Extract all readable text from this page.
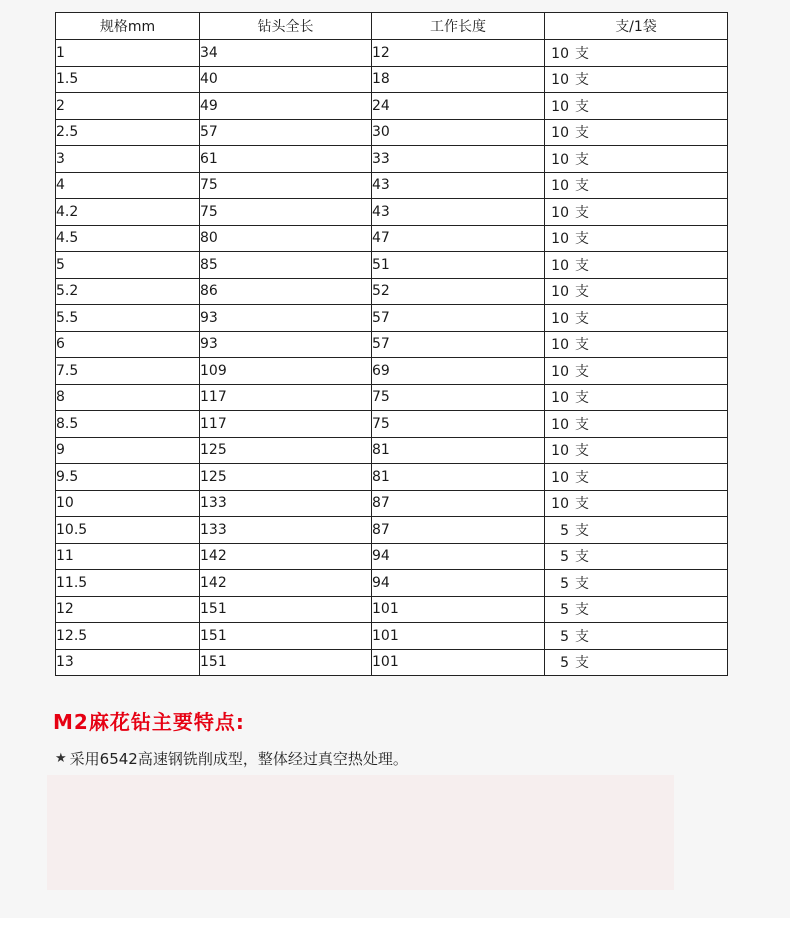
规格mm	钻头全长	工作长度	支/1袋
1	34	12	10 支
1.5	40	18	10 支
2	49	24	10 支
2.5	57	30	10 支
3	61	33	10 支
4	75	43	10 支
4.2	75	43	10 支
4.5	80	47	10 支
5	85	51	10 支
5.2	86	52	10 支
5.5	93	57	10 支
6	93	57	10 支
7.5	109	69	10 支
8	117	75	10 支
8.5	117	75	10 支
9	125	81	10 支
9.5	125	81	10 支
10	133	87	10 支
10.5	133	87	5 支
11	142	94	5 支
11.5	142	94	5 支
12	151	101	5 支
12.5	151	101	5 支
13	151	101	5 支
M2麻花钻主要特点:
★ 采用6542高速钢铣削成型，整体经过真空热处理。
